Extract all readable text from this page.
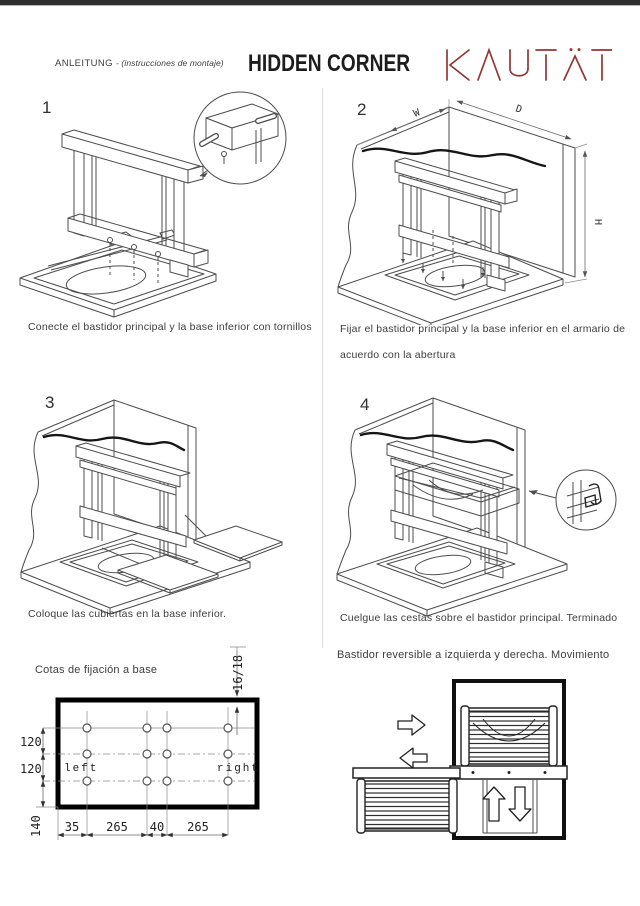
ANLEITUNG - (instrucciones de montaje) HIDDEN CORNER
1	2
3	4
W	D
H
Conecte el bastidor principal y la base inferior con tornillos	Fijar el bastidor principal y la base inferior en el armario de acuerdo con la abertura
Coloque las cubiertas en la base inferior.	Cuelgue las cestas sobre el bastidor principal. Terminado
Cotas de fijación a base
120
120
140 35 265 40 265
16/18
left	right
Bastidor reversible a izquierda y derecha. Movimiento
